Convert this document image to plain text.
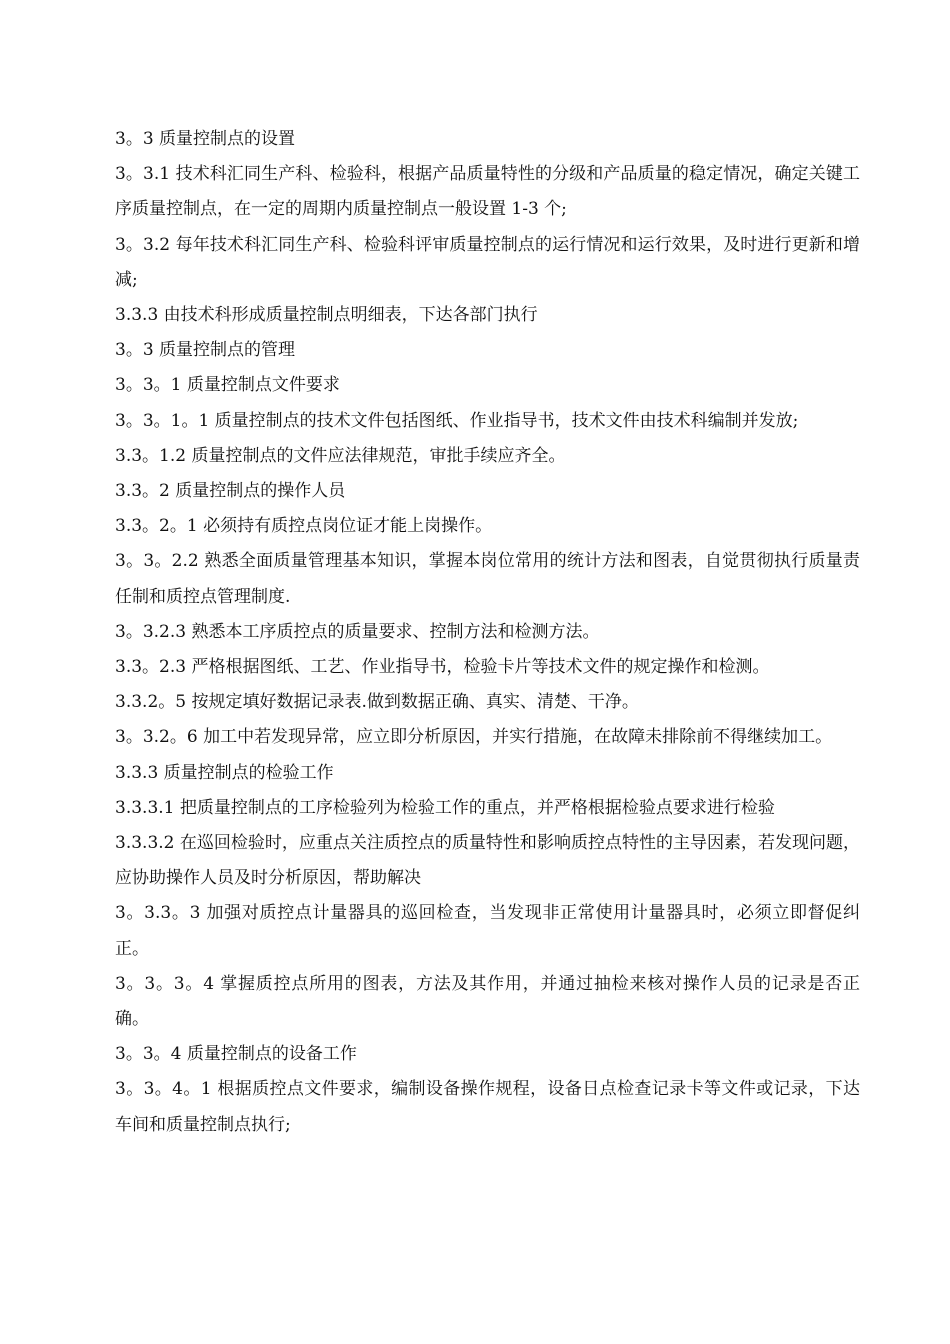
3。3 质量控制点的设置

3。3.1 技术科汇同生产科、检验科，根据产品质量特性的分级和产品质量的稳定情况，确定关键工序质量控制点，在一定的周期内质量控制点一般设置 1-3 个;

3。3.2 每年技术科汇同生产科、检验科评审质量控制点的运行情况和运行效果，及时进行更新和增减;

3.3.3 由技术科形成质量控制点明细表，下达各部门执行

3。3 质量控制点的管理

3。3。1 质量控制点文件要求

3。3。1。1 质量控制点的技术文件包括图纸、作业指导书，技术文件由技术科编制并发放;

3.3。1.2 质量控制点的文件应法律规范，审批手续应齐全。

3.3。2 质量控制点的操作人员

3.3。2。1 必须持有质控点岗位证才能上岗操作。

3。3。2.2 熟悉全面质量管理基本知识，掌握本岗位常用的统计方法和图表，自觉贯彻执行质量责任制和质控点管理制度.

3。3.2.3 熟悉本工序质控点的质量要求、控制方法和检测方法。

3.3。2.3 严格根据图纸、工艺、作业指导书，检验卡片等技术文件的规定操作和检测。

3.3.2。5 按规定填好数据记录表.做到数据正确、真实、清楚、干净。

3。3.2。6 加工中若发现异常，应立即分析原因，并实行措施，在故障未排除前不得继续加工。

3.3.3 质量控制点的检验工作

3.3.3.1 把质量控制点的工序检验列为检验工作的重点，并严格根据检验点要求进行检验

3.3.3.2 在巡回检验时，应重点关注质控点的质量特性和影响质控点特性的主导因素，若发现问题，应协助操作人员及时分析原因，帮助解决

3。3.3。3 加强对质控点计量器具的巡回检查，当发现非正常使用计量器具时，必须立即督促纠正。

3。3。3。4 掌握质控点所用的图表，方法及其作用，并通过抽检来核对操作人员的记录是否正确。

3。3。4 质量控制点的设备工作

3。3。4。1 根据质控点文件要求，编制设备操作规程，设备日点检查记录卡等文件或记录，下达车间和质量控制点执行;
